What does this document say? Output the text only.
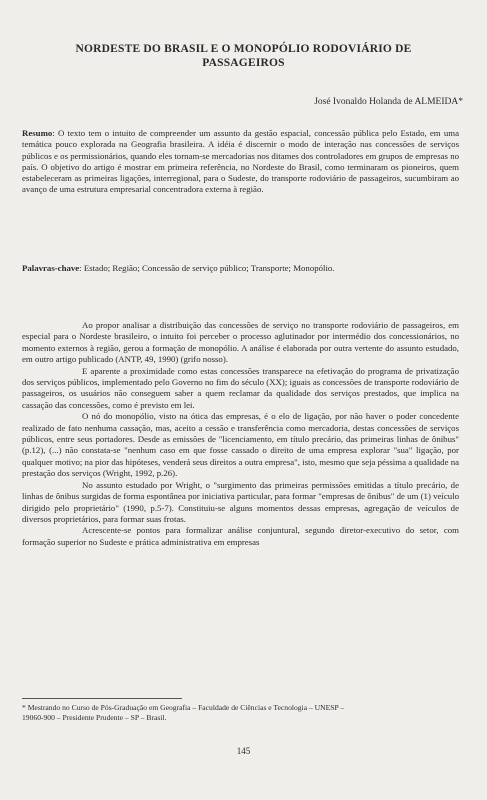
NORDESTE DO BRASIL E O MONOPÓLIO RODOVIÁRIO DE
PASSAGEIROS
José Ivonaldo Holanda de ALMEIDA*
Resumo: O texto tem o intuito de compreender um assunto da gestão espacial, concessão pública pelo Estado, em uma temática pouco explorada na Geografia brasileira. A idéia é discernir o modo de interação nas concessões de serviços públicos e os permissionários, quando eles tornam-se mercadorias nos ditames dos controladores em grupos de empresas no país. O objetivo do artigo é mostrar em primeira referência, no Nordeste do Brasil, como terminaram os pioneiros, quem estabeleceram as primeiras ligações, interregional, para o Sudeste, do transporte rodoviário de passageiros, sucumbiram ao avanço de uma estrutura empresarial concentradora externa à região.
Palavras-chave: Estado; Região; Concessão de serviço público; Transporte; Monopólio.

Ao propor analisar a distribuição das concessões de serviço no transporte rodoviário de passageiros, em especial para o Nordeste brasileiro, o intuito foi perceber o processo aglutinador por intermédio dos concessionários, no momento externos à região, gerou a formação de monopólio. A análise é elaborada por outra vertente do assunto estudado, em outro artigo publicado (ANTP, 49, 1990) (grifo nosso).

E aparente a proximidade como estas concessões transparece na efetivação do programa de privatização dos serviços públicos, implementado pelo Governo no fim do século (XX); iguais as concessões de transporte rodoviário de passageiros, os usuários não conseguem saber a quem reclamar da qualidade dos serviços prestados, que implica na cassação das concessões, como é previsto em lei.

O nó do monopólio, visto na ótica das empresas, é o elo de ligação, por não haver o poder concedente realizado de fato nenhuma cassação, mas, aceito a cessão e transferência como mercadoria, destas concessões de serviços públicos, entre seus portadores. Desde as emissões de "licenciamento, em título precário, das primeiras linhas de ônibus" (p.12), (...) não constata-se "nenhum caso em que fosse cassado o direito de uma empresa explorar "sua" ligação, por qualquer motivo; na pior das hipóteses, venderá seus direitos a outra empresa", isto, mesmo que seja péssima a qualidade na prestação dos serviços (Wright, 1992, p.26).

No assunto estudado por Wright, o "surgimento das primeiras permissões emitidas a título precário, de linhas de ônibus surgidas de forma espontânea por iniciativa particular, para formar "empresas de ônibus" de um (1) veículo dirigido pelo proprietário" (1990, p.5-7). Constituiu-se alguns momentos dessas empresas, agregação de veículos de diversos proprietários, para formar suas frotas.

Acrescente-se pontos para formalizar análise conjuntural, segundo diretor-executivo do setor, com formação superior no Sudeste e prática administrativa em empresas

* Mestrando no Curso de Pós-Graduação em Geografia – Faculdade de Ciências e Tecnologia – UNESP –
19060-900 – Presidente Prudente – SP – Brasil.
145
